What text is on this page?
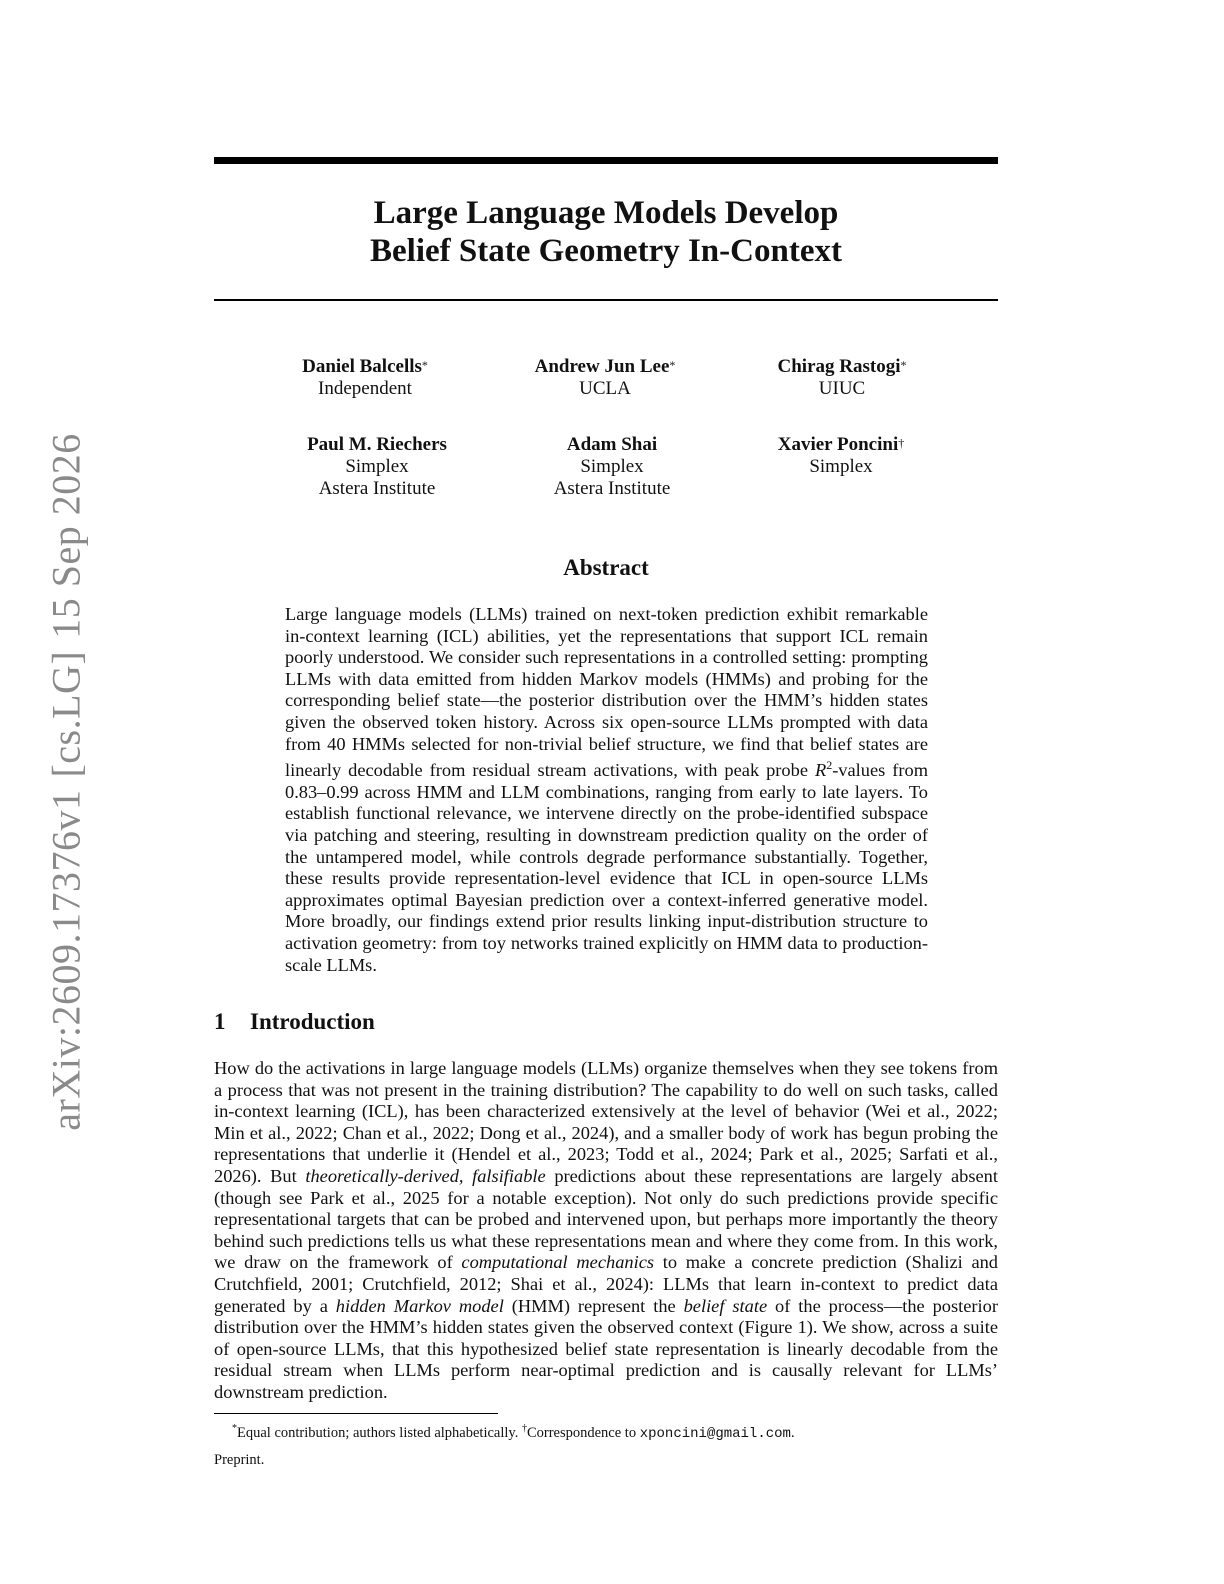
arXiv:2609.17376v1[cs.LG]15 Sep 2026
Large Language Models Develop
Belief State Geometry In-Context
Daniel Balcells*
Independent
Andrew Jun Lee*
UCLA
Chirag Rastogi*
UIUC
Paul M. Riechers
Simplex
Astera Institute
Adam Shai
Simplex
Astera Institute
Xavier Poncini†
Simplex
Abstract
Large language models (LLMs) trained on next-token prediction exhibit remarkable in-context learning (ICL) abilities, yet the representations that support ICL remain poorly understood. We consider such representations in a controlled setting: prompting LLMs with data emitted from hidden Markov models (HMMs) and probing for the corresponding belief state—the posterior distribution over the HMM’s hidden states given the observed token history. Across six open-source LLMs prompted with data from 40 HMMs selected for non-trivial belief structure, we find that belief states are linearly decodable from residual stream activations, with peak probe $R^2$-values from 0.83–0.99 across HMM and LLM combinations, ranging from early to late layers. To establish functional relevance, we intervene directly on the probe-identified subspace via patching and steering, resulting in downstream prediction quality on the order of the untampered model, while controls degrade performance substantially. Together, these results provide representation-level evidence that ICL in open-source LLMs approximates optimal Bayesian prediction over a context-inferred generative model. More broadly, our findings extend prior results linking input-distribution structure to activation geometry: from toy networks trained explicitly on HMM data to production-scale LLMs.
1 Introduction
How do the activations in large language models (LLMs) organize themselves when they see tokens from a process that was not present in the training distribution? The capability to do well on such tasks, called in-context learning (ICL), has been characterized extensively at the level of behavior (Wei et al., 2022; Min et al., 2022; Chan et al., 2022; Dong et al., 2024), and a smaller body of work has begun probing the representations that underlie it (Hendel et al., 2023; Todd et al., 2024; Park et al., 2025; Sarfati et al., 2026). But theoretically-derived, falsifiable predictions about these representations are largely absent (though see Park et al., 2025 for a notable exception). Not only do such predictions provide specific representational targets that can be probed and intervened upon, but perhaps more importantly the theory behind such predictions tells us what these representations mean and where they come from. In this work, we draw on the framework of computational mechanics to make a concrete prediction (Shalizi and Crutchfield, 2001; Crutchfield, 2012; Shai et al., 2024): LLMs that learn in-context to predict data generated by a hidden Markov model (HMM) represent the belief state of the process—the posterior distribution over the HMM’s hidden states given the observed context (Figure 1). We show, across a suite of open-source LLMs, that this hypothesized belief state representation is linearly decodable from the residual stream when LLMs perform near-optimal prediction and is causally relevant for LLMs’ downstream prediction.
*Equal contribution; authors listed alphabetically. †Correspondence to xponcini@gmail.com.
Preprint.
